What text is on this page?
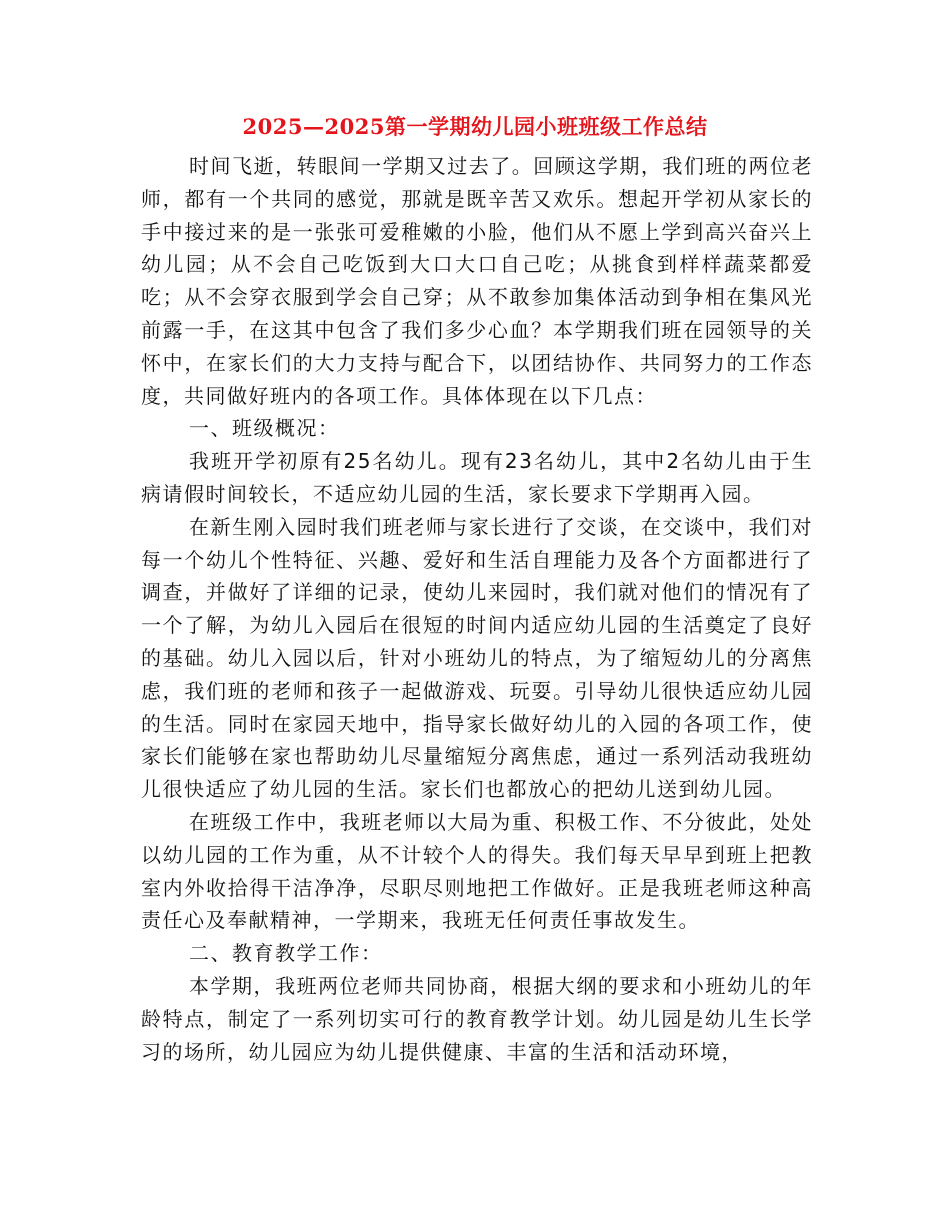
2025—2025第一学期幼儿园小班班级工作总结

时间飞逝，转眼间一学期又过去了。回顾这学期，我们班的两位老师，都有一个共同的感觉，那就是既辛苦又欢乐。想起开学初从家长的手中接过来的是一张张可爱稚嫩的小脸，他们从不愿上学到高兴奋兴上幼儿园；从不会自己吃饭到大口大口自己吃；从挑食到样样蔬菜都爱吃；从不会穿衣服到学会自己穿；从不敢参加集体活动到争相在集风光前露一手，在这其中包含了我们多少心血？本学期我们班在园领导的关怀中，在家长们的大力支持与配合下，以团结协作、共同努力的工作态度，共同做好班内的各项工作。具体体现在以下几点：

一、班级概况：

我班开学初原有25名幼儿。现有23名幼儿，其中2名幼儿由于生病请假时间较长，不适应幼儿园的生活，家长要求下学期再入园。

在新生刚入园时我们班老师与家长进行了交谈，在交谈中，我们对每一个幼儿个性特征、兴趣、爱好和生活自理能力及各个方面都进行了调查，并做好了详细的记录，使幼儿来园时，我们就对他们的情况有了一个了解，为幼儿入园后在很短的时间内适应幼儿园的生活奠定了良好的基础。幼儿入园以后，针对小班幼儿的特点，为了缩短幼儿的分离焦虑，我们班的老师和孩子一起做游戏、玩耍。引导幼儿很快适应幼儿园的生活。同时在家园天地中，指导家长做好幼儿的入园的各项工作，使家长们能够在家也帮助幼儿尽量缩短分离焦虑，通过一系列活动我班幼儿很快适应了幼儿园的生活。家长们也都放心的把幼儿送到幼儿园。

在班级工作中，我班老师以大局为重、积极工作、不分彼此，处处以幼儿园的工作为重，从不计较个人的得失。我们每天早早到班上把教室内外收拾得干洁净净，尽职尽则地把工作做好。正是我班老师这种高责任心及奉献精神，一学期来，我班无任何责任事故发生。

二、教育教学工作：

本学期，我班两位老师共同协商，根据大纲的要求和小班幼儿的年龄特点，制定了一系列切实可行的教育教学计划。幼儿园是幼儿生长学习的场所，幼儿园应为幼儿提供健康、丰富的生活和活动环境，
